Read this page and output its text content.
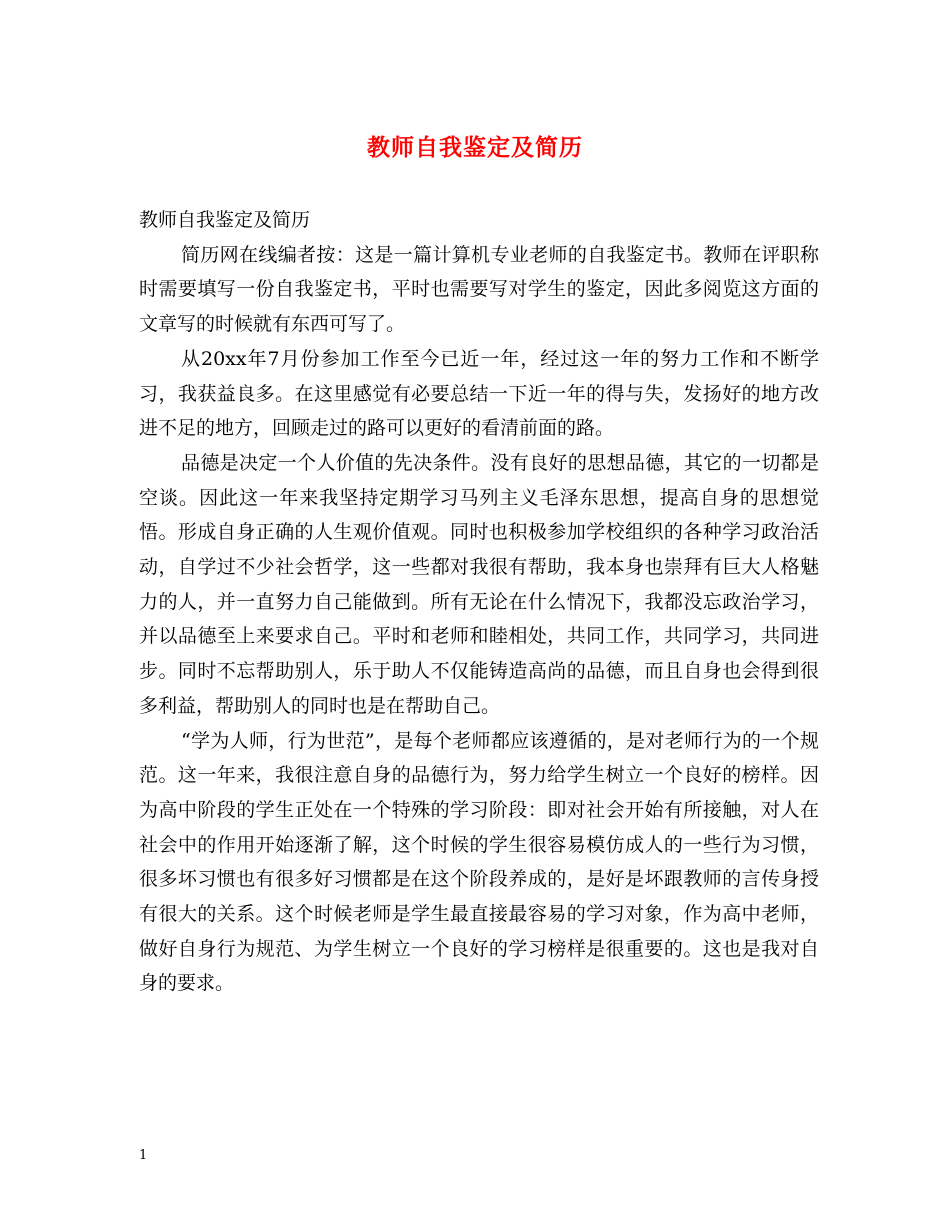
教师自我鉴定及简历

教师自我鉴定及简历

简历网在线编者按：这是一篇计算机专业老师的自我鉴定书。教师在评职称时需要填写一份自我鉴定书，平时也需要写对学生的鉴定，因此多阅览这方面的文章写的时候就有东西可写了。

从20xx年7月份参加工作至今已近一年，经过这一年的努力工作和不断学习，我获益良多。在这里感觉有必要总结一下近一年的得与失，发扬好的地方改进不足的地方，回顾走过的路可以更好的看清前面的路。

品德是决定一个人价值的先决条件。没有良好的思想品德，其它的一切都是空谈。因此这一年来我坚持定期学习马列主义毛泽东思想，提高自身的思想觉悟。形成自身正确的人生观价值观。同时也积极参加学校组织的各种学习政治活动，自学过不少社会哲学，这一些都对我很有帮助，我本身也崇拜有巨大人格魅力的人，并一直努力自己能做到。所有无论在什么情况下，我都没忘政治学习，并以品德至上来要求自己。平时和老师和睦相处，共同工作，共同学习，共同进步。同时不忘帮助别人，乐于助人不仅能铸造高尚的品德，而且自身也会得到很多利益，帮助别人的同时也是在帮助自己。

“学为人师，行为世范”，是每个老师都应该遵循的，是对老师行为的一个规范。这一年来，我很注意自身的品德行为，努力给学生树立一个良好的榜样。因为高中阶段的学生正处在一个特殊的学习阶段：即对社会开始有所接触，对人在社会中的作用开始逐渐了解，这个时候的学生很容易模仿成人的一些行为习惯，很多坏习惯也有很多好习惯都是在这个阶段养成的，是好是坏跟教师的言传身授有很大的关系。这个时候老师是学生最直接最容易的学习对象，作为高中老师，做好自身行为规范、为学生树立一个良好的学习榜样是很重要的。这也是我对自身的要求。

1
